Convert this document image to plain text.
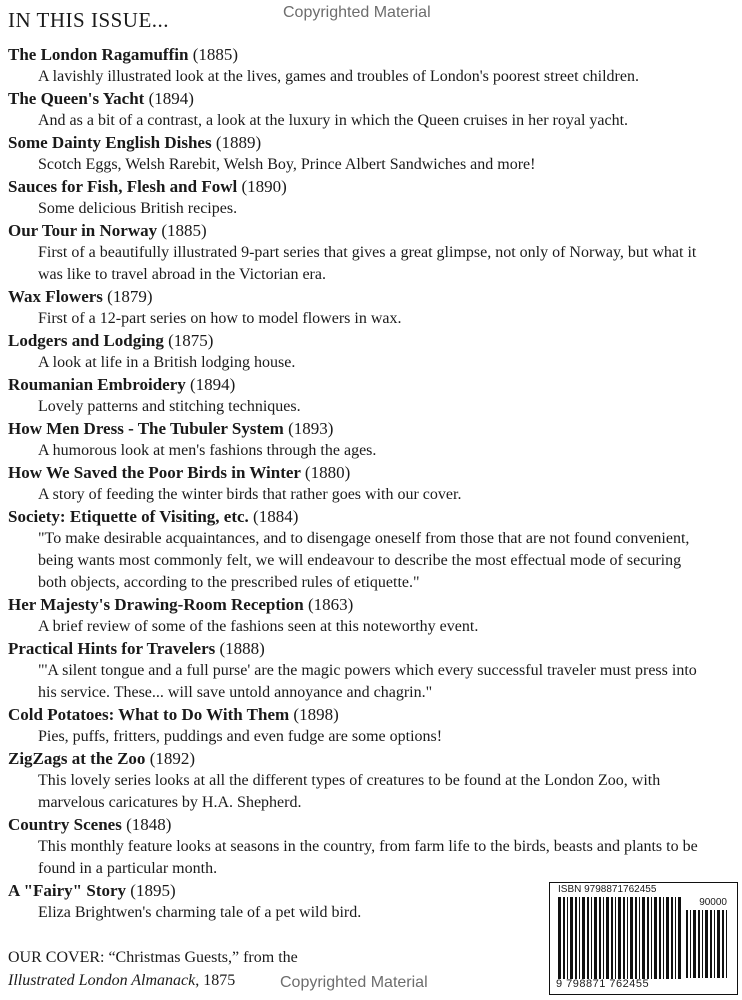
Copyrighted Material
IN THIS ISSUE...
The London Ragamuffin (1885)
A lavishly illustrated look at the lives, games and troubles of London's poorest street children.
The Queen's Yacht (1894)
And as a bit of a contrast, a look at the luxury in which the Queen cruises in her royal yacht.
Some Dainty English Dishes (1889)
Scotch Eggs, Welsh Rarebit, Welsh Boy, Prince Albert Sandwiches and more!
Sauces for Fish, Flesh and Fowl (1890)
Some delicious British recipes.
Our Tour in Norway (1885)
First of a beautifully illustrated 9-part series that gives a great glimpse, not only of Norway, but what it was like to travel abroad in the Victorian era.
Wax Flowers (1879)
First of a 12-part series on how to model flowers in wax.
Lodgers and Lodging (1875)
A look at life in a British lodging house.
Roumanian Embroidery (1894)
Lovely patterns and stitching techniques.
How Men Dress - The Tubuler System (1893)
A humorous look at men's fashions through the ages.
How We Saved the Poor Birds in Winter (1880)
A story of feeding the winter birds that rather goes with our cover.
Society: Etiquette of Visiting, etc. (1884)
"To make desirable acquaintances, and to disengage oneself from those that are not found convenient, being wants most commonly felt, we will endeavour to describe the most effectual mode of securing both objects, according to the prescribed rules of etiquette."
Her Majesty's Drawing-Room Reception (1863)
A brief review of some of the fashions seen at this noteworthy event.
Practical Hints for Travelers (1888)
"'A silent tongue and a full purse' are the magic powers which every successful traveler must press into his service. These... will save untold annoyance and chagrin."
Cold Potatoes: What to Do With Them (1898)
Pies, puffs, fritters, puddings and even fudge are some options!
ZigZags at the Zoo (1892)
This lovely series looks at all the different types of creatures to be found at the London Zoo, with marvelous caricatures by H.A. Shepherd.
Country Scenes (1848)
This monthly feature looks at seasons in the country, from farm life to the birds, beasts and plants to be found in a particular month.
A "Fairy" Story (1895)
Eliza Brightwen's charming tale of a pet wild bird.
OUR COVER: “Christmas Guests,” from the
Illustrated London Almanack, 1875	Copyrighted Material
ISBN 9798871762455
90000
9 798871 762455
